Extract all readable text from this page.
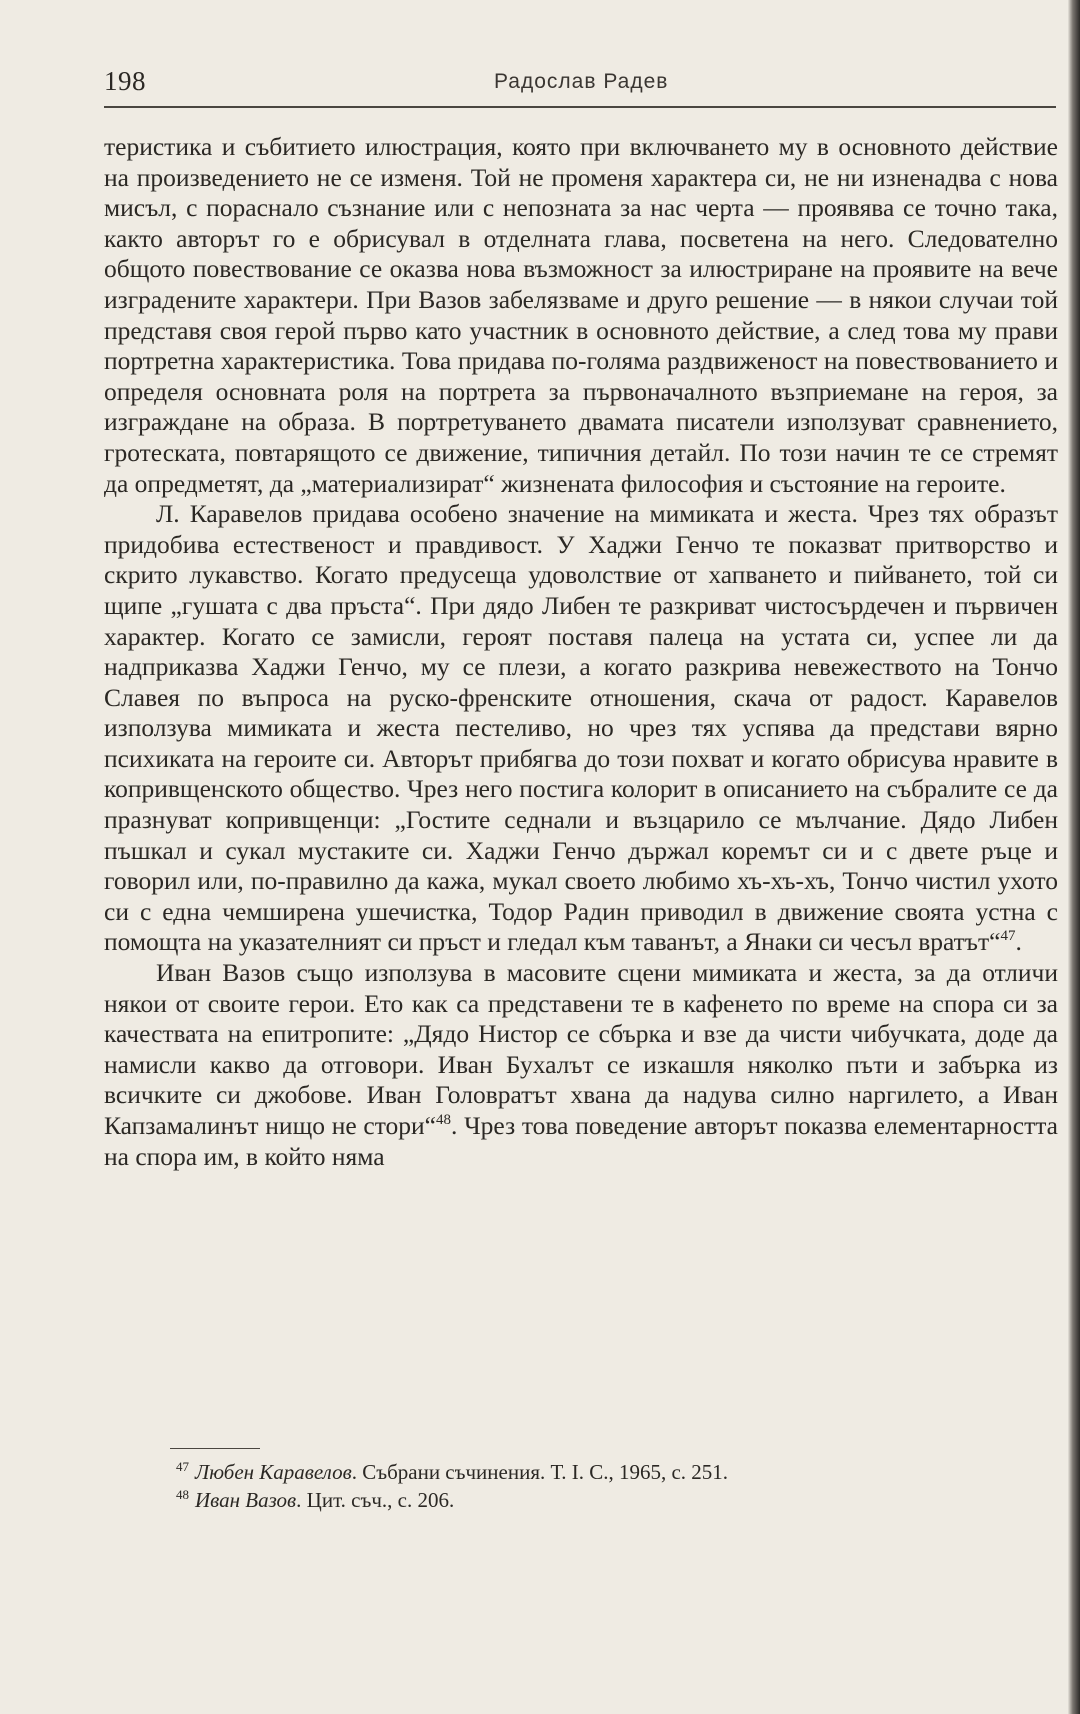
198	Радослав Радев

теристика и събитието илюстрация, която при включването му в основното действие на произведението не се изменя. Той не променя характера си, не ни изненадва с нова мисъл, с пораснало съзнание или с непозната за нас черта — проявява се точно така, както авторът го е обрисувал в отделната глава, посветена на него. Следователно общото повествование се оказва нова възможност за илюстриране на проявите на вече изградените характери. При Вазов забелязваме и друго решение — в някои случаи той представя своя герой първо като участник в основното действие, а след това му прави портретна характеристика. Това придава по-голяма раздвиженост на повествованието и определя основната роля на портрета за първоначалното възприемане на героя, за изграждане на образа. В портретуването двамата писатели използуват сравнението, гротеската, повтарящото се движение, типичния детайл. По този начин те се стремят да опредметят, да „материализират“ жизнената философия и състояние на героите.

Л. Каравелов придава особено значение на мимиката и жеста. Чрез тях образът придобива естественост и правдивост. У Хаджи Генчо те показват притворство и скрито лукавство. Когато предусеща удоволствие от хапването и пийването, той си щипе „гушата с два пръста“. При дядо Либен те разкриват чистосърдечен и първичен характер. Когато се замисли, героят поставя палеца на устата си, успее ли да надприказва Хаджи Генчо, му се плези, а когато разкрива невежеството на Тончо Славея по въпроса на руско-френските отношения, скача от радост. Каравелов използува мимиката и жеста пестеливо, но чрез тях успява да представи вярно психиката на героите си. Авторът прибягва до този похват и когато обрисува нравите в копривщенското общество. Чрез него постига колорит в описанието на събралите се да празнуват копривщенци: „Гостите седнали и възцарило се мълчание. Дядо Либен пъшкал и сукал мустаките си. Хаджи Генчо държал коремът си и с двете ръце и говорил или, по-правилно да кажа, мукал своето любимо хъ-хъ-хъ, Тончо чистил ухото си с една чемширена ушечистка, Тодор Радин приводил в движение своята устна с помощта на указателният си пръст и гледал към таванът, а Янаки си чесъл вратът“$^{47}$.

Иван Вазов също използува в масовите сцени мимиката и жеста, за да отличи някои от своите герои. Ето как са представени те в кафенето по време на спора си за качествата на епитропите: „Дядо Нистор се сбърка и взе да чисти чибучката, доде да намисли какво да отговори. Иван Бухалът се изкашля няколко пъти и забърка из всичките си джобове. Иван Головратът хвана да надува силно наргилето, а Иван Капзамалинът нищо не стори“$^{48}$. Чрез това поведение авторът показва елементарността на спора им, в който няма

$^{47}$ Любен Каравелов. Събрани съчинения. Т. I. С., 1965, с. 251.

$^{48}$ Иван Вазов. Цит. съч., с. 206.
